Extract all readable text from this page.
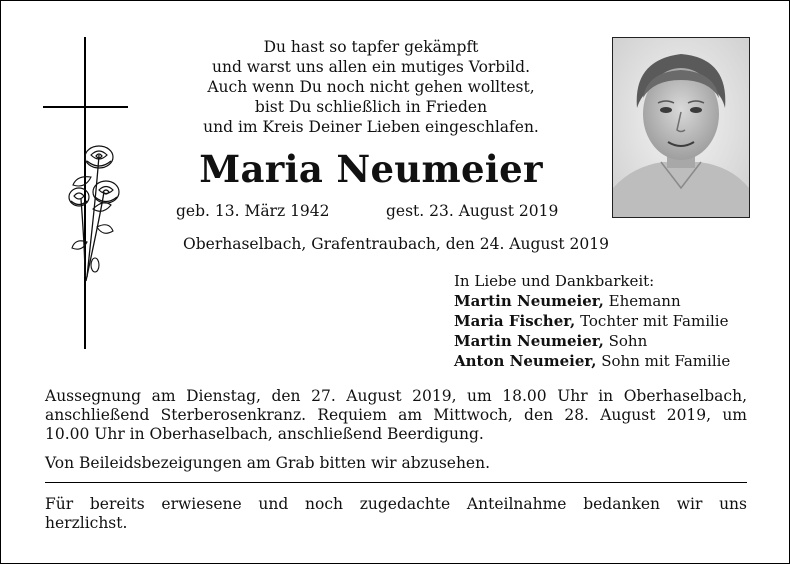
Du hast so tapfer gekämpft
und warst uns allen ein mutiges Vorbild.
Auch wenn Du noch nicht gehen wolltest,
bist Du schließlich in Frieden
und im Kreis Deiner Lieben eingeschlafen.
Maria Neumeier
geb. 13. März 1942	gest. 23. August 2019
Oberhaselbach, Grafentraubach, den 24. August 2019
In Liebe und Dankbarkeit:
Martin Neumeier, Ehemann
Maria Fischer, Tochter mit Familie
Martin Neumeier, Sohn
Anton Neumeier, Sohn mit Familie

Aussegnung am Dienstag, den 27. August 2019, um 18.00 Uhr in Oberhaselbach,

anschließend Sterberosenkranz. Requiem am Mittwoch, den 28. August 2019, um

10.00 Uhr in Oberhaselbach, anschließend Beerdigung.

Von Beileidsbezeigungen am Grab bitten wir abzusehen.
Für bereits erwiesene und noch zugedachte Anteilnahme bedanken wir uns
herzlichst.
